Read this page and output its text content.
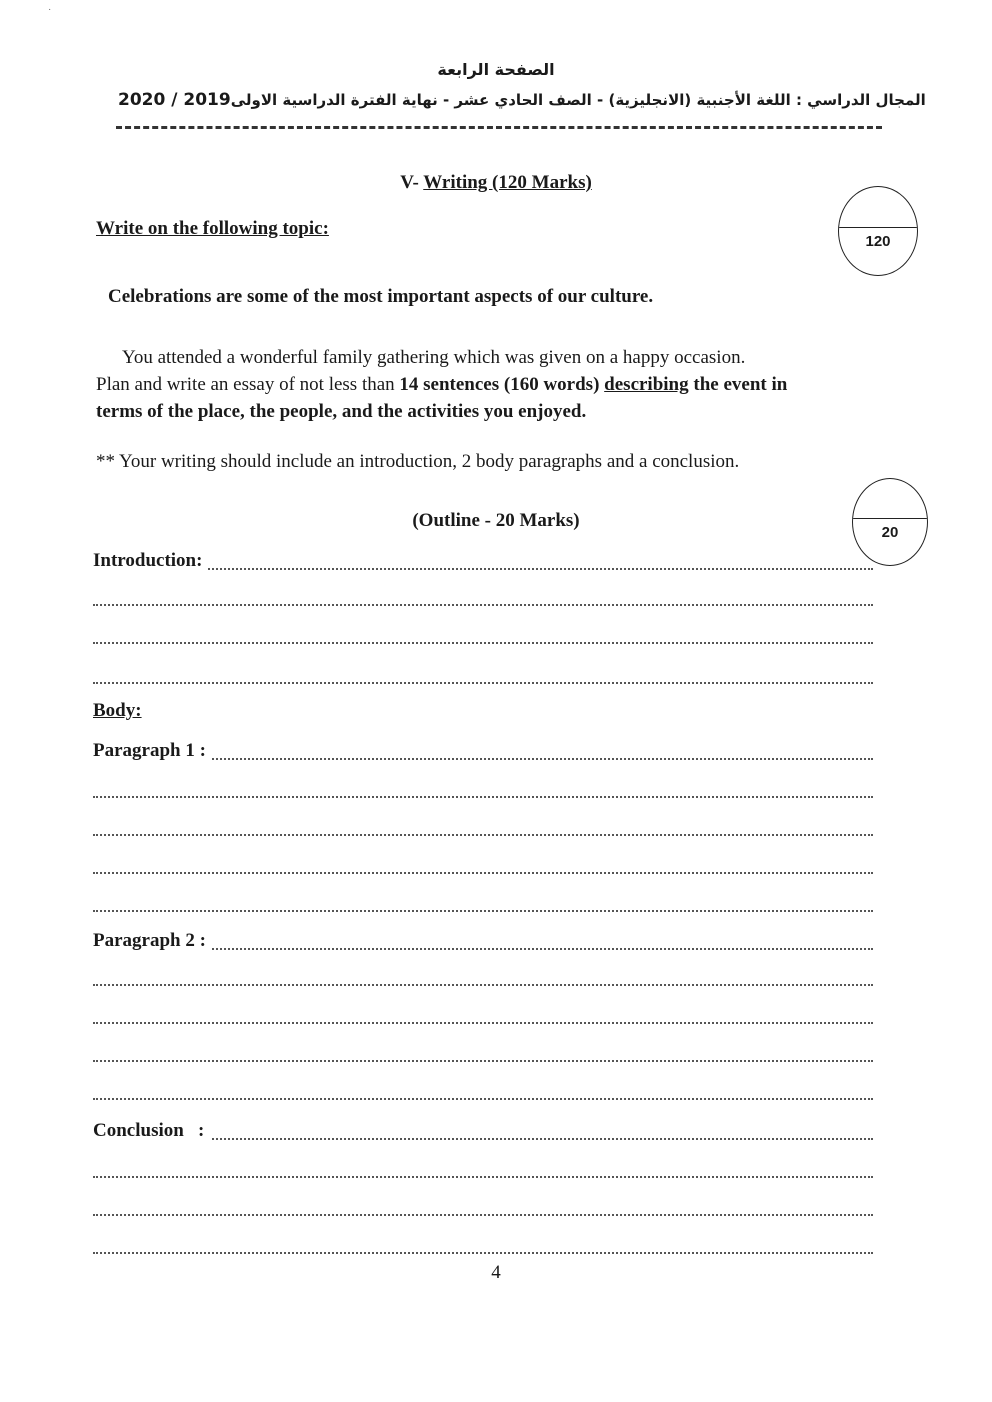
˙
الصفحة الرابعة
2020 / 2019 المجال الدراسي : اللغة الأجنبية (الانجليزية) - الصف الحادي عشر - نهاية الفترة الدراسية الاولى
V- Writing (120 Marks)
Write on the following topic:
120
Celebrations are some of the most important aspects of our culture.
You attended a wonderful family gathering which was given on a happy occasion.
Plan and write an essay of not less than 14 sentences (160 words) describing the event in
terms of the place, the people, and the activities you enjoyed.
** Your writing should include an introduction, 2 body paragraphs and a conclusion.
20
(Outline - 20 Marks)
Introduction:
Body:
Paragraph 1 :
Paragraph 2 :
Conclusion   :
4
